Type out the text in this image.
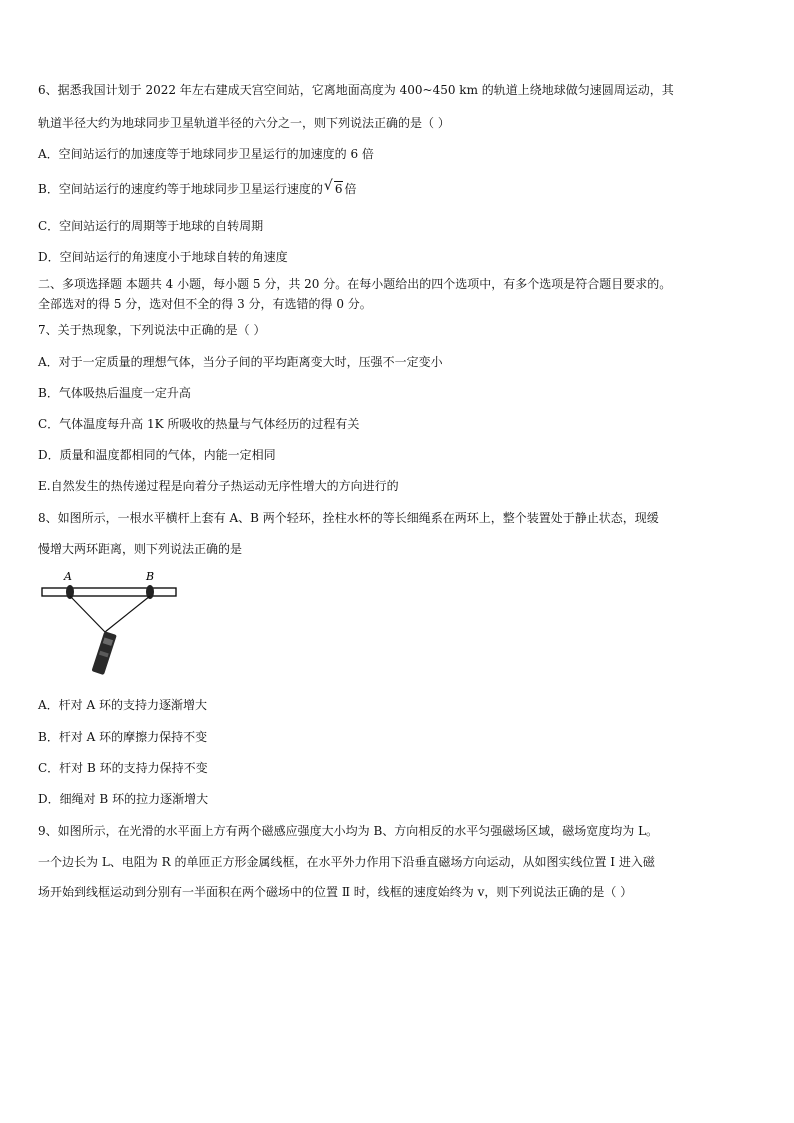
6、据悉我国计划于 2022 年左右建成天宫空间站，它离地面高度为 400~450 km 的轨道上绕地球做匀速圆周运动，其
轨道半径大约为地球同步卫星轨道半径的六分之一，则下列说法正确的是（ ）
A．空间站运行的加速度等于地球同步卫星运行的加速度的 6 倍
B．空间站运行的速度约等于地球同步卫星运行速度的 √ 6 倍
C．空间站运行的周期等于地球的自转周期
D．空间站运行的角速度小于地球自转的角速度
二、多项选择题 本题共 4 小题，每小题 5 分，共 20 分。在每小题给出的四个选项中，有多个选项是符合题目要求的。
全部选对的得 5 分，选对但不全的得 3 分，有选错的得 0 分。
7、关于热现象，下列说法中正确的是（ ）
A．对于一定质量的理想气体，当分子间的平均距离变大时，压强不一定变小
B．气体吸热后温度一定升高
C．气体温度每升高 1K 所吸收的热量与气体经历的过程有关
D．质量和温度都相同的气体，内能一定相同
E.自然发生的热传递过程是向着分子热运动无序性增大的方向进行的
8、如图所示，一根水平横杆上套有 A、B 两个轻环，拴柱水杯的等长细绳系在两环上，整个装置处于静止状态，现缓
慢增大两环距离，则下列说法正确的是
A	B
A．杆对 A 环的支持力逐渐增大
B．杆对 A 环的摩擦力保持不变
C．杆对 B 环的支持力保持不变
D．细绳对 B 环的拉力逐渐增大
9、如图所示，在光滑的水平面上方有两个磁感应强度大小均为 B、方向相反的水平匀强磁场区域，磁场宽度均为 L。
一个边长为 L、电阻为 R 的单匝正方形金属线框，在水平外力作用下沿垂直磁场方向运动，从如图实线位置 Ⅰ 进入磁
场开始到线框运动到分别有一半面积在两个磁场中的位置 Ⅱ 时，线框的速度始终为 v，则下列说法正确的是（ ）
